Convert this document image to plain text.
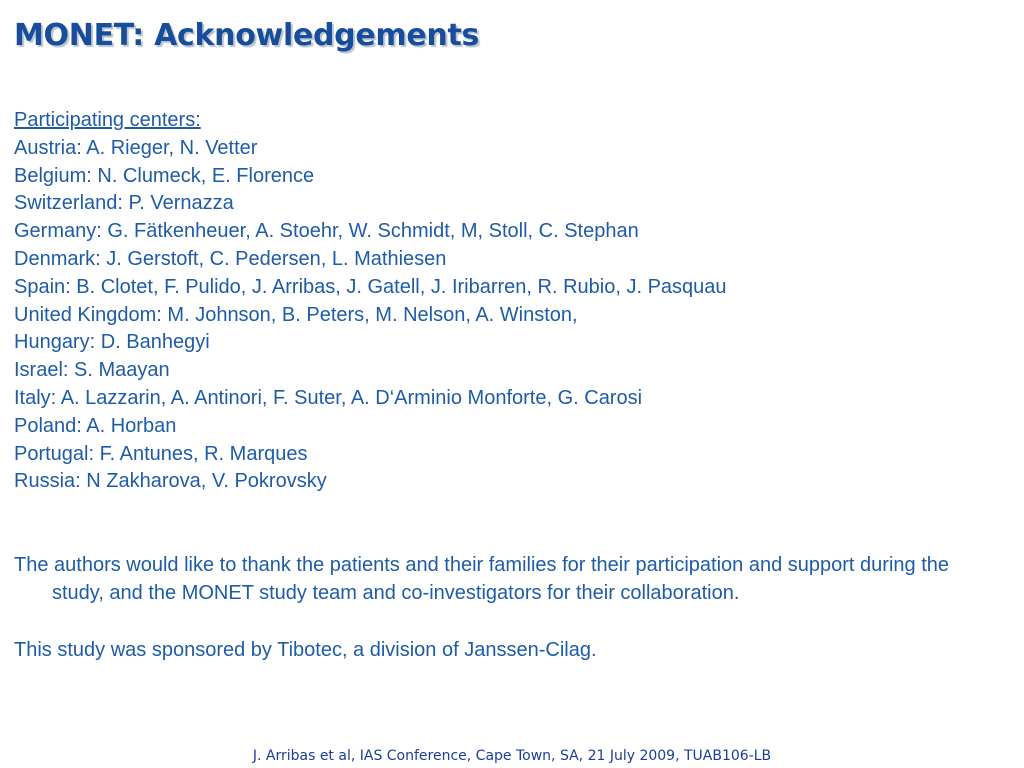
MONET: Acknowledgements
Participating centers:
Austria: A. Rieger, N. Vetter
Belgium: N. Clumeck, E. Florence
Switzerland: P. Vernazza
Germany: G. Fätkenheuer, A. Stoehr, W. Schmidt, M, Stoll, C. Stephan
Denmark: J. Gerstoft, C. Pedersen, L. Mathiesen
Spain: B. Clotet, F. Pulido, J. Arribas, J. Gatell, J. Iribarren, R. Rubio, J. Pasquau
United Kingdom: M. Johnson, B. Peters, M. Nelson, A. Winston,
Hungary: D. Banhegyi
Israel: S. Maayan
Italy: A. Lazzarin, A. Antinori, F. Suter, A. D‘Arminio Monforte, G. Carosi
Poland: A. Horban
Portugal: F. Antunes, R. Marques
Russia: N Zakharova, V. Pokrovsky

The authors would like to thank the patients and their families for their participation and support during the study, and the MONET study team and co-investigators for their collaboration.

This study was sponsored by Tibotec, a division of Janssen-Cilag.

J. Arribas et al, IAS Conference, Cape Town, SA, 21 July 2009, TUAB106-LB
